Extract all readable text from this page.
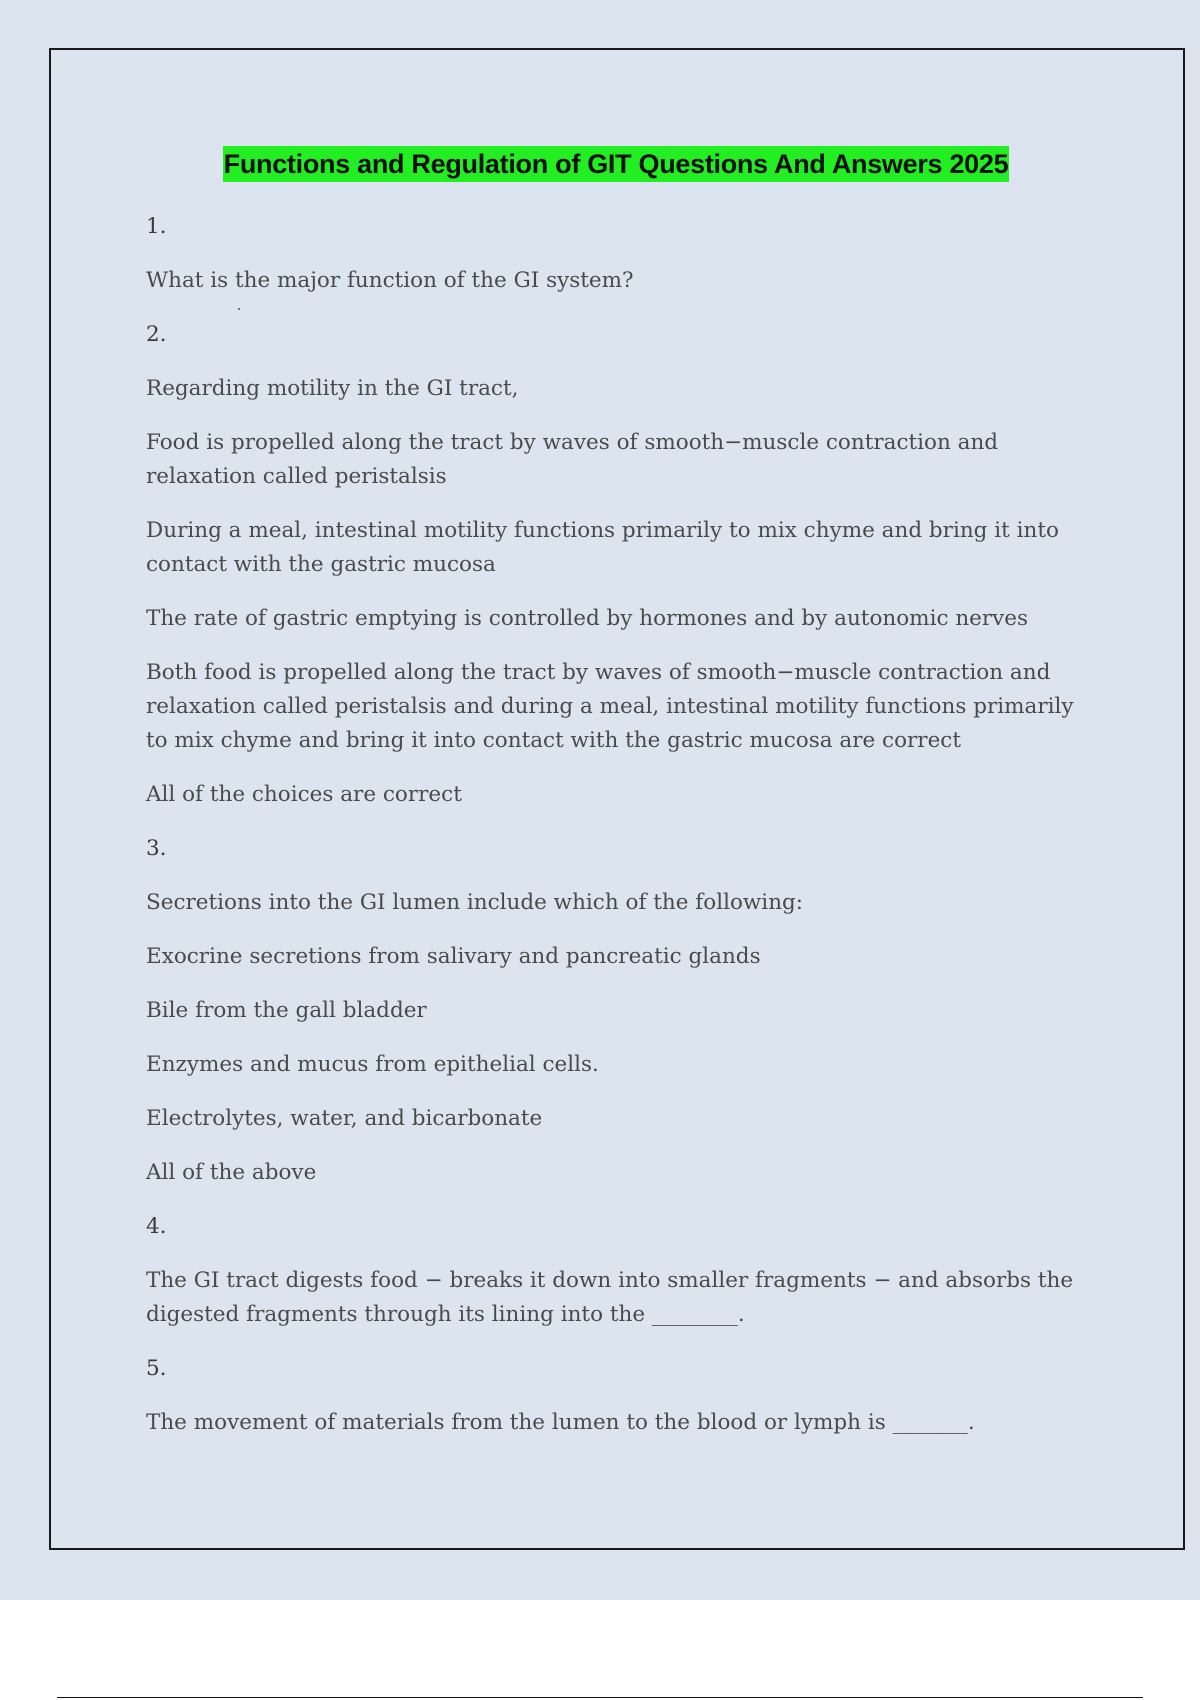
Functions and Regulation of GIT Questions And Answers 2025

1.

What is the major function of the GI system?

2.

Regarding motility in the GI tract,

Food is propelled along the tract by waves of smooth−muscle contraction and relaxation called peristalsis

During a meal, intestinal motility functions primarily to mix chyme and bring it into contact with the gastric mucosa

The rate of gastric emptying is controlled by hormones and by autonomic nerves

Both food is propelled along the tract by waves of smooth−muscle contraction and relaxation called peristalsis and during a meal, intestinal motility functions primarily to mix chyme and bring it into contact with the gastric mucosa are correct

All of the choices are correct

3.

Secretions into the GI lumen include which of the following:

Exocrine secretions from salivary and pancreatic glands

Bile from the gall bladder

Enzymes and mucus from epithelial cells.

Electrolytes, water, and bicarbonate

All of the above

4.

The GI tract digests food − breaks it down into smaller fragments − and absorbs the digested fragments through its lining into the ________.

5.

The movement of materials from the lumen to the blood or lymph is _______.
